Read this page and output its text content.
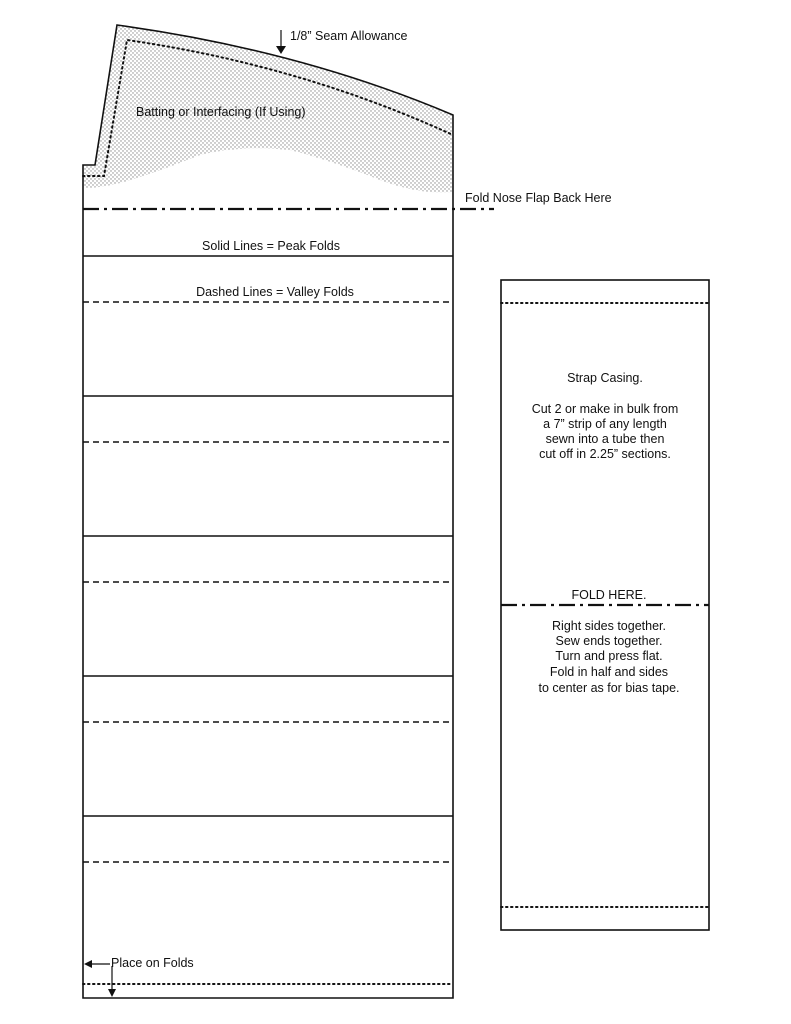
1/8” Seam Allowance
Batting or Interfacing (If Using)
Fold Nose Flap Back Here
Solid Lines = Peak Folds
Dashed Lines = Valley Folds
Place on Folds
Strap Casing.
Cut 2 or make in bulk from
a 7” strip of any length
sewn into a tube then
cut off in 2.25” sections.
FOLD HERE.
Right sides together.
Sew ends together.
Turn and press flat.
Fold in half and sides
to center as for bias tape.
